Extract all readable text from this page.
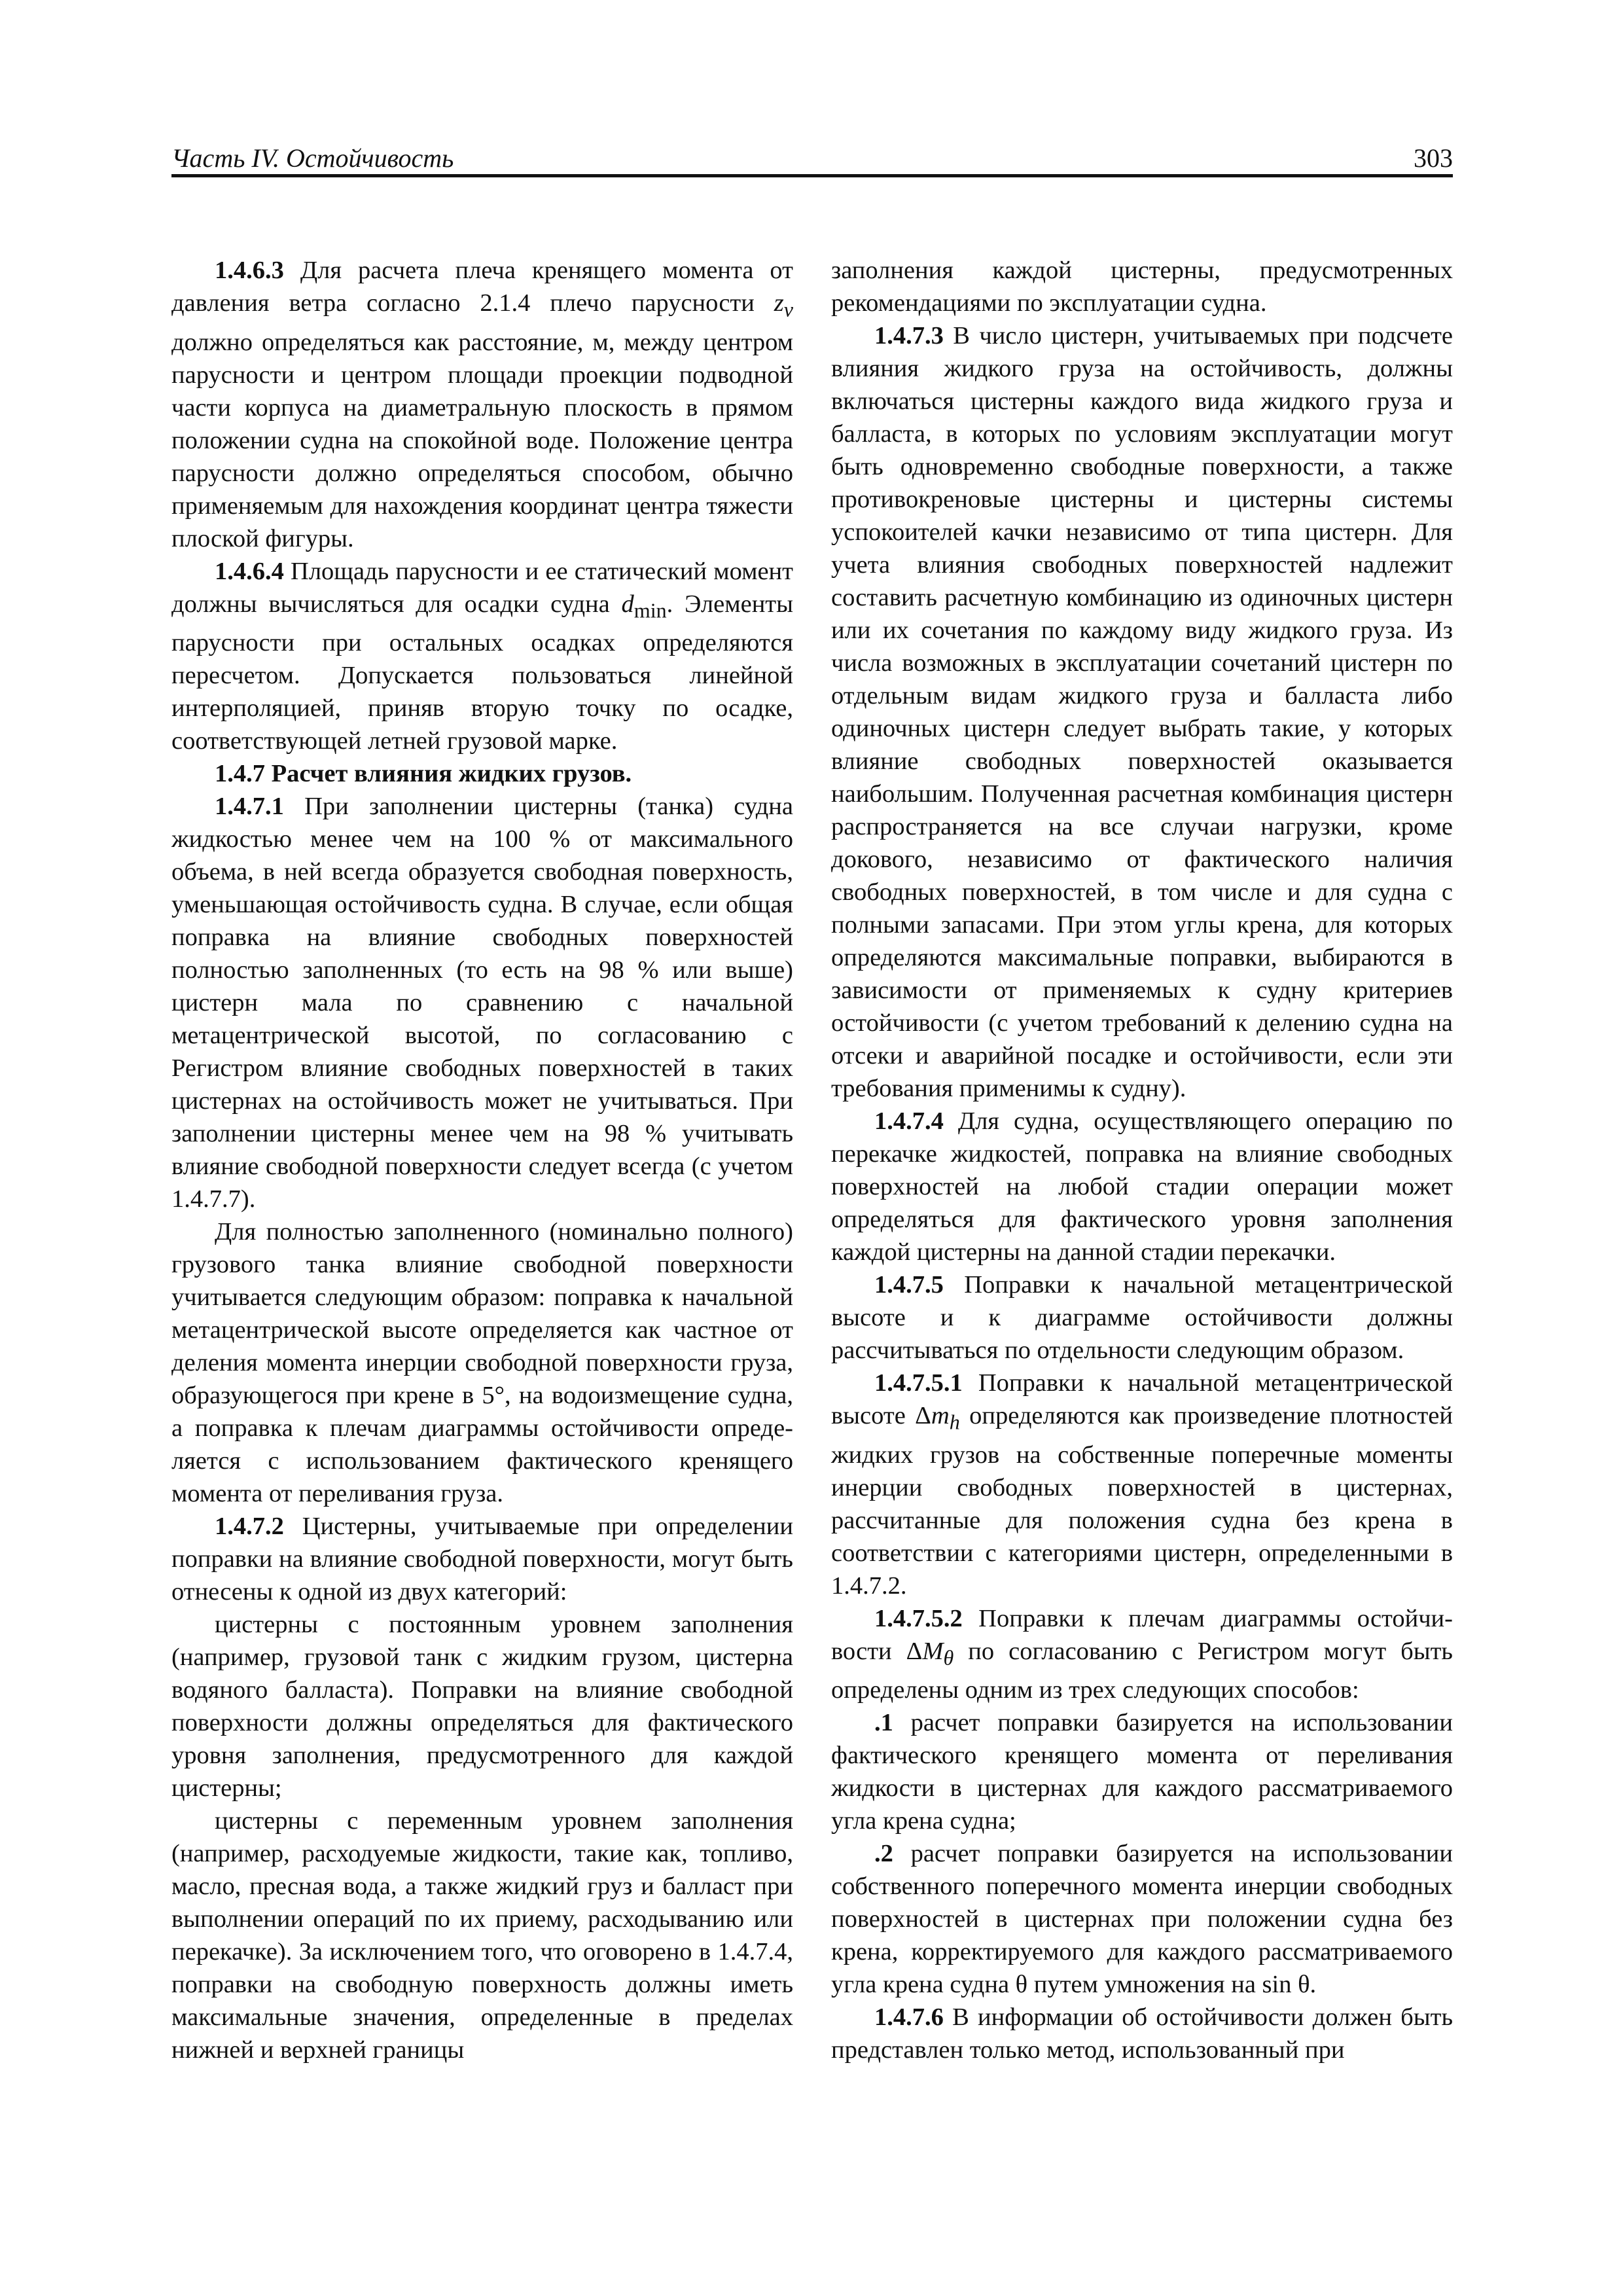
Часть IV. Остойчивость	303

1.4.6.3 Для расчета плеча кренящего момента от давления ветра согласно 2.1.4 плечо парусности $z_v$ должно определяться как расстояние, м, между центром парусности и центром площади проекции подводной части корпуса на диаметральную плоскость в прямом положении судна на спокойной воде. Положение центра парусности должно определяться способом, обычно применяемым для нахождения координат центра тяжести плоской фигуры.

1.4.6.4 Площадь парусности и ее статический момент должны вычисляться для осадки судна $d_{min}$. Элементы парусности при остальных осадках определяются пересчетом. Допускается пользоваться линейной интерполяцией, приняв вторую точку по осадке, соответствующей летней грузовой марке.

1.4.7 Расчет влияния жидких грузов.

1.4.7.1 При заполнении цистерны (танка) судна жидкостью менее чем на 100 % от максимального объема, в ней всегда образуется свободная поверхность, уменьшающая остойчивость судна. В случае, если общая поправка на влияние свободных поверхностей полностью заполненных (то есть на 98 % или выше) цистерн мала по сравнению с начальной метацентрической высотой, по согласованию с Регистром влияние свободных поверхностей в таких цистернах на остойчивость может не учитываться. При заполнении цистерны менее чем на 98 % учитывать влияние свободной поверхности следует всегда (с учетом 1.4.7.7).

Для полностью заполненного (номинально полного) грузового танка влияние свободной поверхности учитывается следующим образом: поправка к начальной метацентрической высоте определяется как частное от деления момента инерции свободной поверхности груза, образующегося при крене в 5°, на водоизмещение судна, а поправка к плечам диаграммы остойчивости определяется с использованием фактического кренящего момента от переливания груза.

1.4.7.2 Цистерны, учитываемые при определении поправки на влияние свободной поверхности, могут быть отнесены к одной из двух категорий:

цистерны с постоянным уровнем заполнения (например, грузовой танк с жидким грузом, цистерна водяного балласта). Поправки на влияние свободной поверхности должны определяться для фактического уровня заполнения, предусмотренного для каждой цистерны;

цистерны с переменным уровнем заполнения (например, расходуемые жидкости, такие как, топливо, масло, пресная вода, а также жидкий груз и балласт при выполнении операций по их приему, расходыванию или перекачке). За исключением того, что оговорено в 1.4.7.4, поправки на свободную поверхность должны иметь максимальные значения, определенные в пределах нижней и верхней границы

заполнения каждой цистерны, предусмотренных рекомендациями по эксплуатации судна.

1.4.7.3 В число цистерн, учитываемых при подсчете влияния жидкого груза на остойчивость, должны включаться цистерны каждого вида жидкого груза и балласта, в которых по условиям эксплуатации могут быть одновременно свободные поверхности, а также противокреновые цистерны и цистерны системы успокоителей качки независимо от типа цистерн. Для учета влияния свободных поверхностей надлежит составить расчетную комбинацию из одиночных цистерн или их сочетания по каждому виду жидкого груза. Из числа возможных в эксплуатации сочетаний цистерн по отдельным видам жидкого груза и балласта либо одиночных цистерн следует выбрать такие, у которых влияние свободных поверхностей оказывается наибольшим. Полученная расчетная комбинация цистерн распространяется на все случаи нагрузки, кроме докового, независимо от фактического наличия свободных поверхностей, в том числе и для судна с полными запасами. При этом углы крена, для которых определяются максимальные поправки, выбираются в зависимости от применяемых к судну критериев остойчивости (с учетом требований к делению судна на отсеки и аварийной посадке и остойчивости, если эти требования применимы к судну).

1.4.7.4 Для судна, осуществляющего операцию по перекачке жидкостей, поправка на влияние свободных поверхностей на любой стадии операции может определяться для фактического уровня заполнения каждой цистерны на данной стадии перекачки.

1.4.7.5 Поправки к начальной метацентрической высоте и к диаграмме остойчивости должны рассчитываться по отдельности следующим образом.

1.4.7.5.1 Поправки к начальной метацентрической высоте $\Delta m_h$ определяются как произведение плотностей жидких грузов на собственные поперечные моменты инерции свободных поверхностей в цистернах, рассчитанные для положения судна без крена в соответствии с категориями цистерн, определенными в 1.4.7.2.

1.4.7.5.2 Поправки к плечам диаграммы остойчивости $\Delta M_\theta$ по согласованию с Регистром могут быть определены одним из трех следующих способов:

.1 расчет поправки базируется на использовании фактического кренящего момента от переливания жидкости в цистернах для каждого рассматриваемого угла крена судна;

.2 расчет поправки базируется на использовании собственного поперечного момента инерции свободных поверхностей в цистернах при положении судна без крена, корректируемого для каждого рассматриваемого угла крена судна θ путем умножения на sin θ.

1.4.7.6 В информации об остойчивости должен быть представлен только метод, использованный при
